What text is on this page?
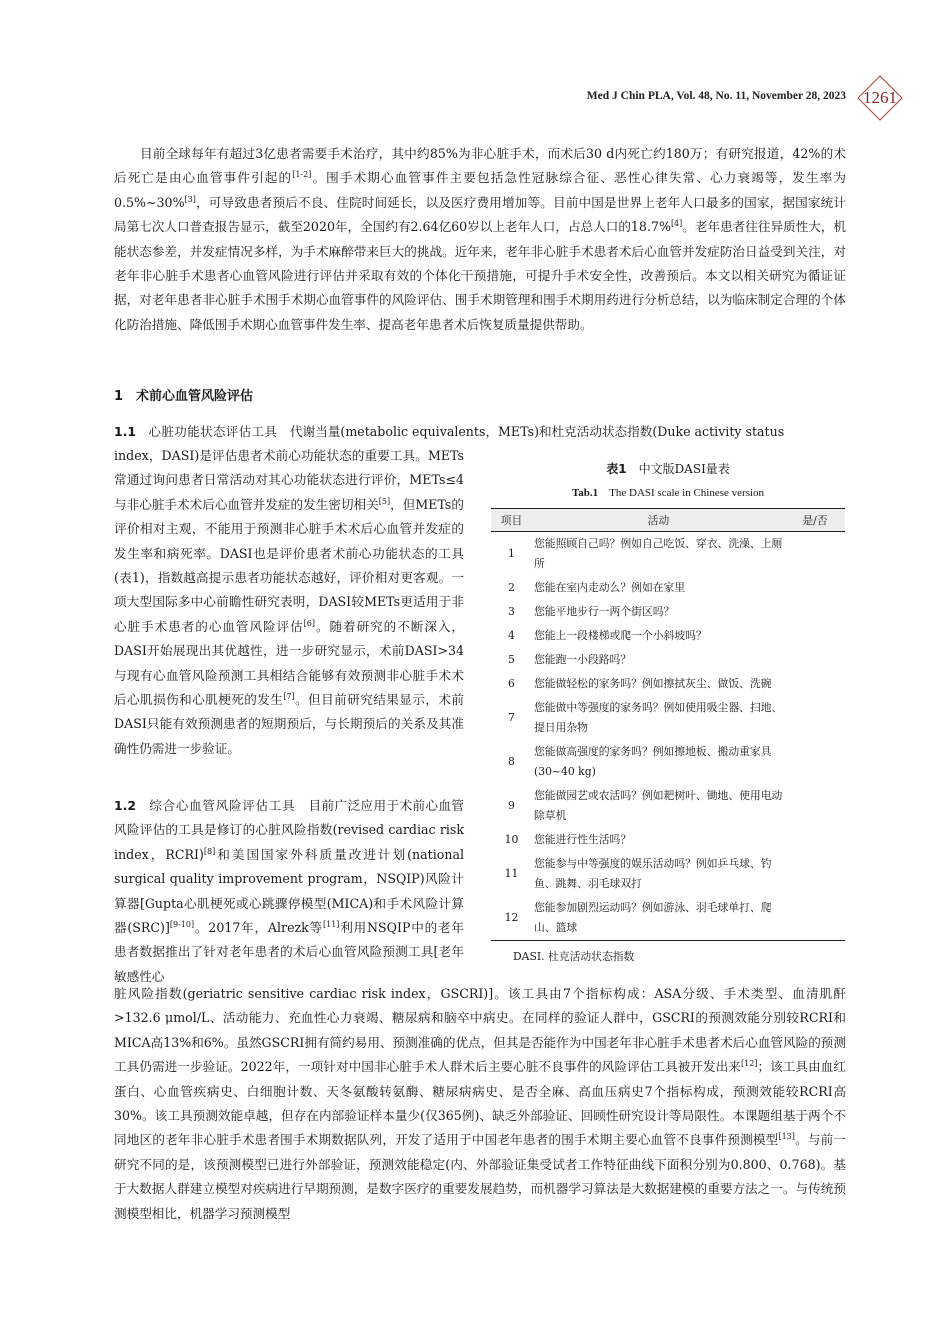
Med J Chin PLA, Vol. 48, No. 11, November 28, 2023	1261
目前全球每年有超过3亿患者需要手术治疗，其中约85%为非心脏手术，而术后30 d内死亡约180万；有研究报道，42%的术后死亡是由心血管事件引起的[1-2]。围手术期心血管事件主要包括急性冠脉综合征、恶性心律失常、心力衰竭等，发生率为0.5%~30%[3]，可导致患者预后不良、住院时间延长，以及医疗费用增加等。目前中国是世界上老年人口最多的国家，据国家统计局第七次人口普查报告显示，截至2020年，全国约有2.64亿60岁以上老年人口，占总人口的18.7%[4]。老年患者往往异质性大，机能状态参差，并发症情况多样，为手术麻醉带来巨大的挑战。近年来，老年非心脏手术患者术后心血管并发症防治日益受到关注，对老年非心脏手术患者心血管风险进行评估并采取有效的个体化干预措施，可提升手术安全性，改善预后。本文以相关研究为循证证据，对老年患者非心脏手术围手术期心血管事件的风险评估、围手术期管理和围手术期用药进行分析总结，以为临床制定合理的个体化防治措施、降低围手术期心血管事件发生率、提高老年患者术后恢复质量提供帮助。
1　术前心血管风险评估
1.1　 心脏功能状态评估工具　 代谢当量(metabolic equivalents，METs)和杜克活动状态指数(Duke activity status
index，DASI)是评估患者术前心功能状态的重要工具。METs常通过询问患者日常活动对其心功能状态进行评价，METs≤4与非心脏手术术后心血管并发症的发生密切相关[5]，但METs的评价相对主观，不能用于预测非心脏手术术后心血管并发症的发生率和病死率。DASI也是评价患者术前心功能状态的工具(表1)，指数越高提示患者功能状态越好，评价相对更客观。一项大型国际多中心前瞻性研究表明，DASI较METs更适用于非心脏手术患者的心血管风险评估[6]。随着研究的不断深入，DASI开始展现出其优越性，进一步研究显示，术前DASI>34与现有心血管风险预测工具相结合能够有效预测非心脏手术术后心肌损伤和心肌梗死的发生[7]。但目前研究结果显示，术前DASI只能有效预测患者的短期预后，与长期预后的关系及其准确性仍需进一步验证。
1.2　 综合心血管风险评估工具　 目前广泛应用于术前心血管风险评估的工具是修订的心脏风险指数(revised cardiac risk index，RCRI)[8]和美国国家外科质量改进计划(national surgical quality improvement program，NSQIP)风险计算器[Gupta心肌梗死或心跳骤停模型(MICA)和手术风险计算器(SRC)][9-10]。2017年，Alrezk等[11]利用NSQIP中的老年患者数据推出了针对老年患者的术后心血管风险预测工具[老年敏感性心
脏风险指数(geriatric sensitive cardiac risk index，GSCRI)]。该工具由7个指标构成：ASA分级、手术类型、血清肌酐>132.6 μmol/L、活动能力、充血性心力衰竭、糖尿病和脑卒中病史。在同样的验证人群中，GSCRI的预测效能分别较RCRI和MICA高13%和6%。虽然GSCRI拥有简约易用、预测准确的优点，但其是否能作为中国老年非心脏手术患者术后心血管风险的预测工具仍需进一步验证。2022年，一项针对中国非心脏手术人群术后主要心脏不良事件的风险评估工具被开发出来[12]；该工具由血红蛋白、心血管疾病史、白细胞计数、天冬氨酸转氨酶、糖尿病病史、是否全麻、高血压病史7个指标构成，预测效能较RCRI高30%。该工具预测效能卓越，但存在内部验证样本量少(仅365例)、缺乏外部验证、回顾性研究设计等局限性。本课题组基于两个不同地区的老年非心脏手术患者围手术期数据队列，开发了适用于中国老年患者的围手术期主要心血管不良事件预测模型[13]。与前一研究不同的是，该预测模型已进行外部验证，预测效能稳定(内、外部验证集受试者工作特征曲线下面积分别为0.800、0.768)。基于大数据人群建立模型对疾病进行早期预测，是数字医疗的重要发展趋势，而机器学习算法是大数据建模的重要方法之一。与传统预测模型相比，机器学习预测模型
表1　 中文版DASI量表
Tab.1　 The DASI scale in Chinese version
项目	活动	是/否
1	您能照顾自己吗？例如自己吃饭、穿衣、洗澡、上厕所	
2	您能在室内走动么？例如在家里	
3	您能平地步行一两个街区吗？	
4	您能上一段楼梯或爬一个小斜坡吗？	
5	您能跑一小段路吗？	
6	您能做轻松的家务吗？例如擦拭灰尘、做饭、洗碗	
7	您能做中等强度的家务吗？例如使用吸尘器、扫地、提日用杂物	
8	您能做高强度的家务吗？例如擦地板、搬动重家具(30~40 kg)	
9	您能做园艺或农活吗？例如耙树叶、锄地、使用电动除草机	
10	您能进行性生活吗？	
11	您能参与中等强度的娱乐活动吗？例如乒乓球、钓鱼、跳舞、羽毛球双打	
12	您能参加剧烈运动吗？例如游泳、羽毛球单打、爬山、篮球	
DASI. 杜克活动状态指数
